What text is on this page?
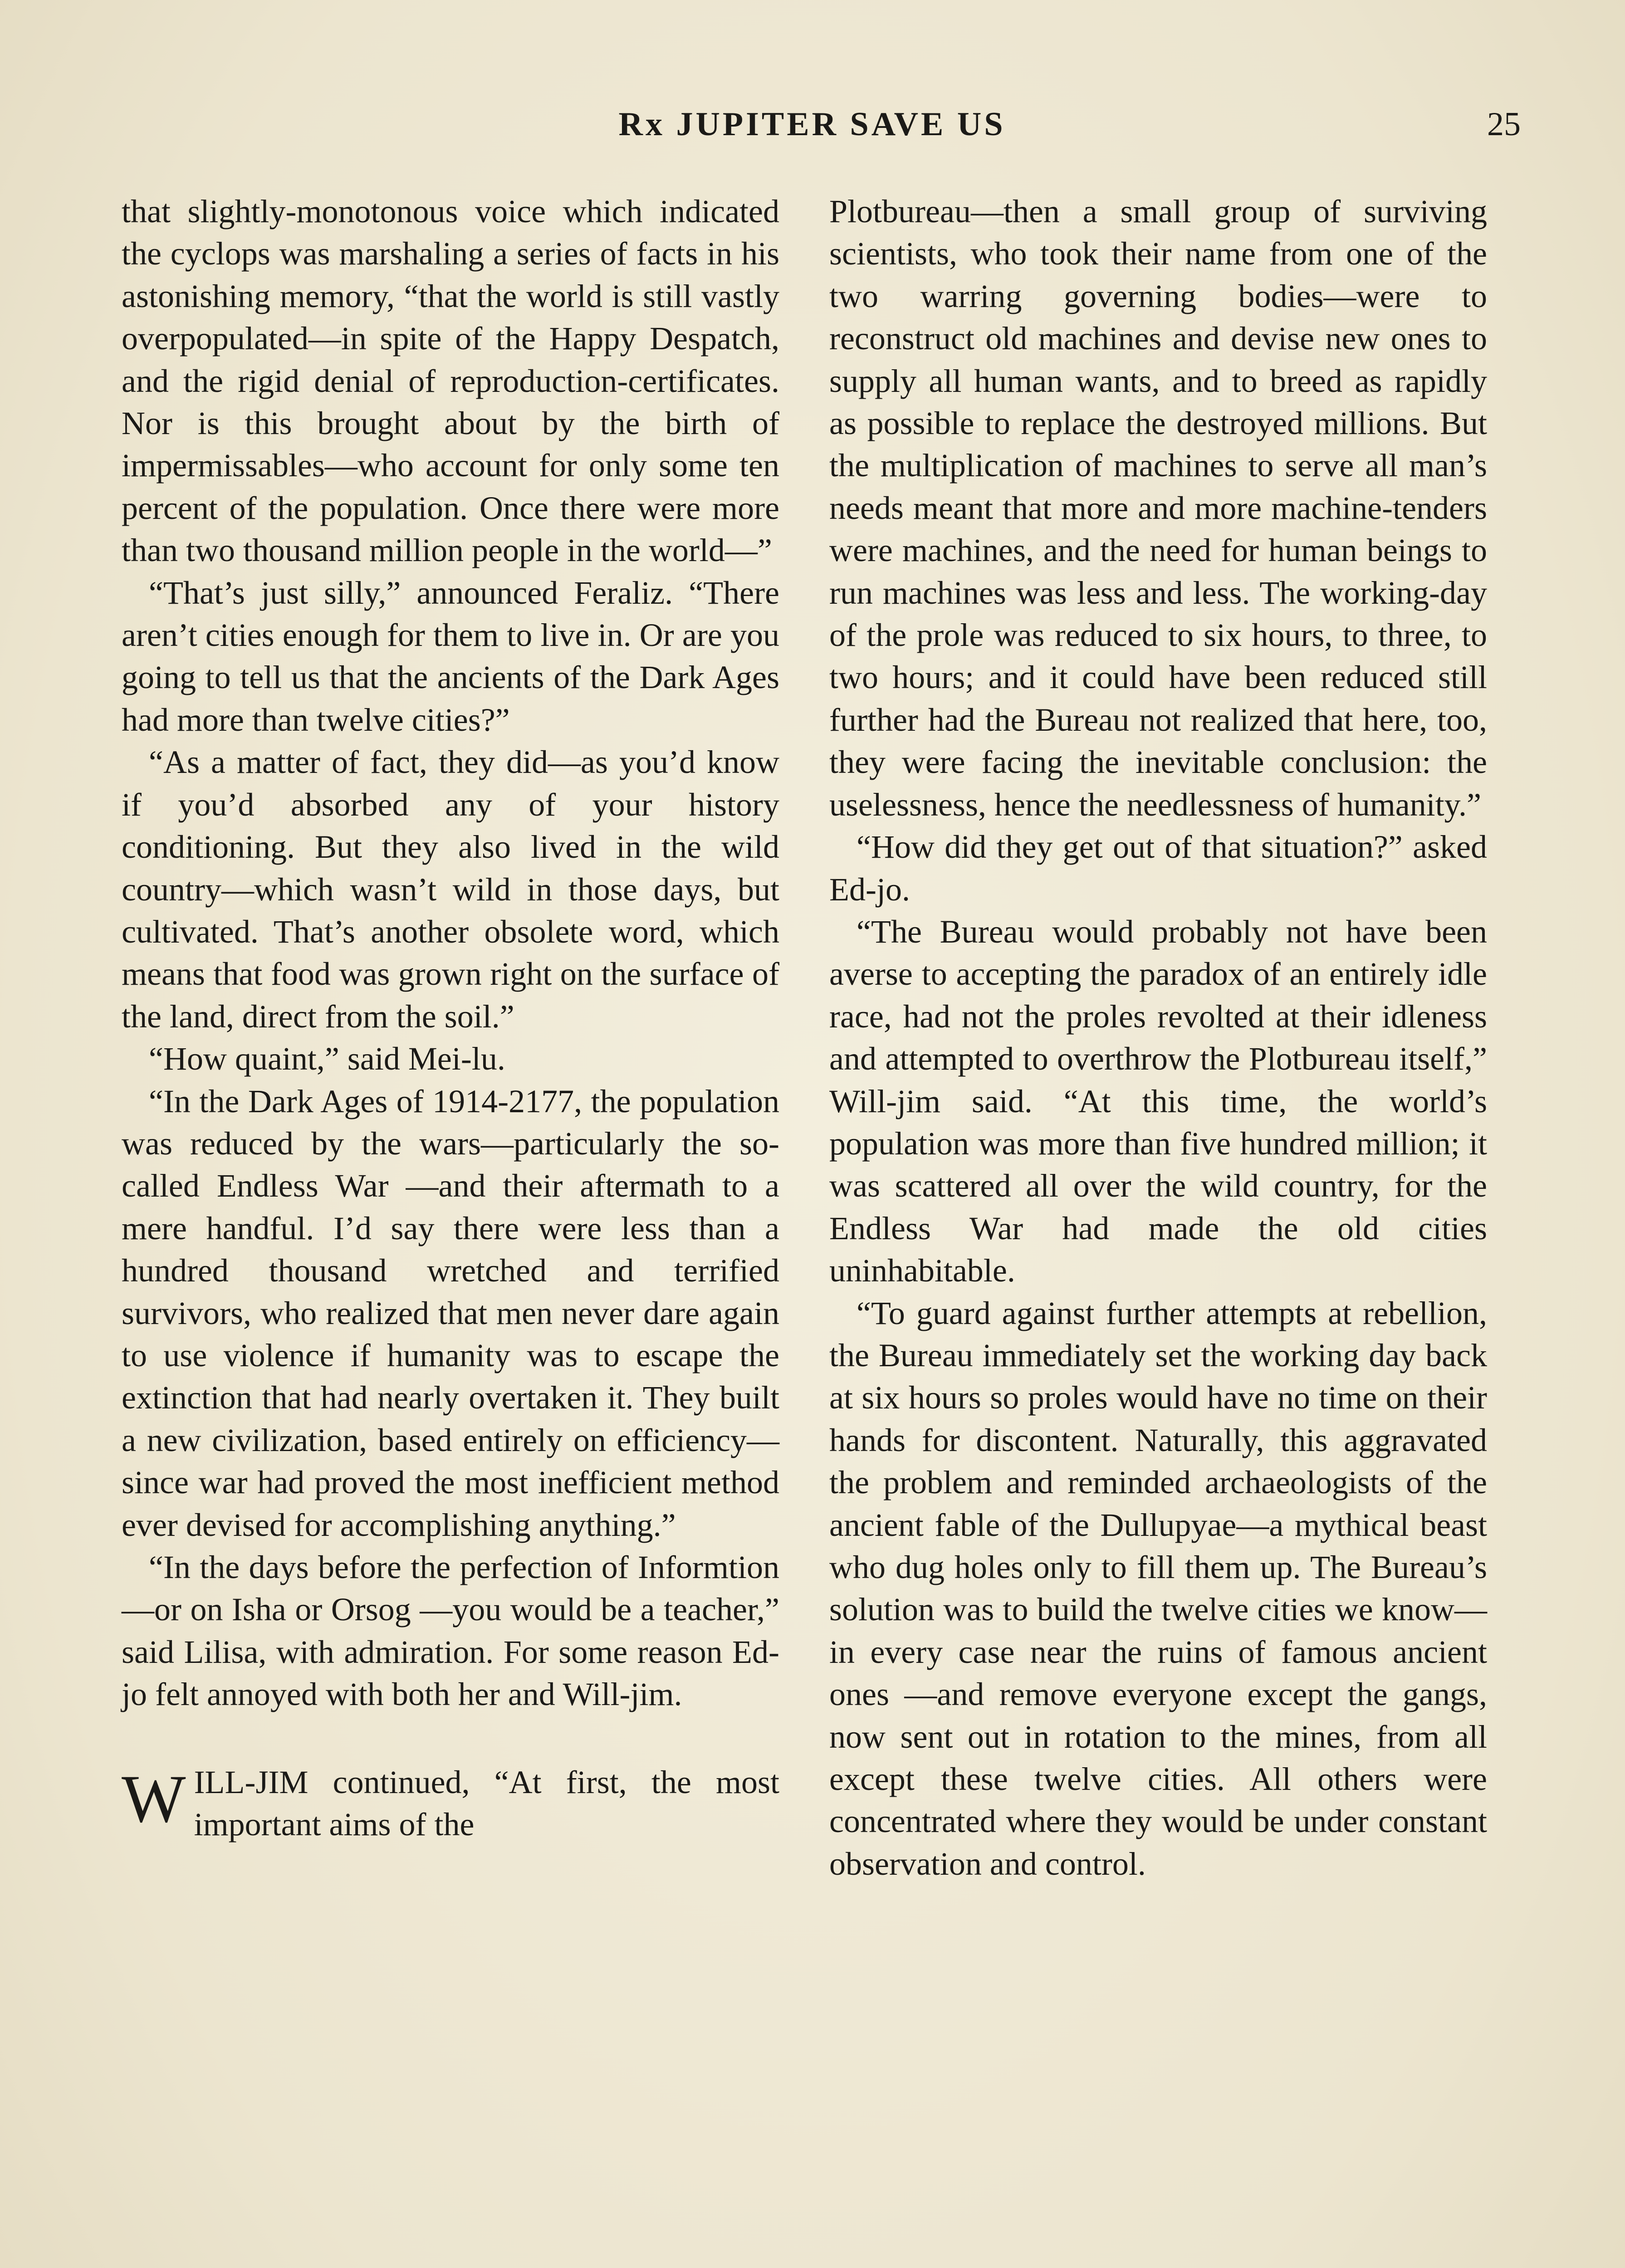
Rx JUPITER SAVE US	25

that slightly-monotonous voice which indicated the cyclops was marshaling a series of facts in his astonishing memory, “that the world is still vastly overpopulated—in spite of the Happy Despatch, and the rigid denial of reproduction-certificates. Nor is this brought about by the birth of impermissables—who account for only some ten percent of the population. Once there were more than two thousand million people in the world—”

“That’s just silly,” announced Feraliz. “There aren’t cities enough for them to live in. Or are you going to tell us that the ancients of the Dark Ages had more than twelve cities?”

“As a matter of fact, they did—as you’d know if you’d absorbed any of your history conditioning. But they also lived in the wild country—which wasn’t wild in those days, but cultivated. That’s another obsolete word, which means that food was grown right on the surface of the land, direct from the soil.”

“How quaint,” said Mei-lu.

“In the Dark Ages of 1914-2177, the population was reduced by the wars—particularly the so-called Endless War —and their aftermath to a mere handful. I’d say there were less than a hundred thousand wretched and terrified survivors, who realized that men never dare again to use violence if humanity was to escape the extinction that had nearly overtaken it. They built a new civilization, based entirely on efficiency—since war had proved the most inefficient method ever devised for accomplishing anything.”

“In the days before the perfection of Informtion—or on Isha or Orsog —you would be a teacher,” said Lilisa, with admiration. For some reason Ed-jo felt annoyed with both her and Will-jim.

W ILL-JIM continued, “At first, the most important aims of the

Plotbureau—then a small group of surviving scientists, who took their name from one of the two warring governing bodies—were to reconstruct old machines and devise new ones to supply all human wants, and to breed as rapidly as possible to replace the destroyed millions. But the multiplication of machines to serve all man’s needs meant that more and more machine-tenders were machines, and the need for human beings to run machines was less and less. The working-day of the prole was reduced to six hours, to three, to two hours; and it could have been reduced still further had the Bureau not realized that here, too, they were facing the inevitable conclusion: the uselessness, hence the needlessness of humanity.”

“How did they get out of that situation?” asked Ed-jo.

“The Bureau would probably not have been averse to accepting the paradox of an entirely idle race, had not the proles revolted at their idleness and attempted to overthrow the Plotbureau itself,” Will-jim said. “At this time, the world’s population was more than five hundred million; it was scattered all over the wild country, for the Endless War had made the old cities uninhabitable.

“To guard against further attempts at rebellion, the Bureau immediately set the working day back at six hours so proles would have no time on their hands for discontent. Naturally, this aggravated the problem and reminded archaeologists of the ancient fable of the Dullupyae—a mythical beast who dug holes only to fill them up. The Bureau’s solution was to build the twelve cities we know—in every case near the ruins of famous ancient ones —and remove everyone except the gangs, now sent out in rotation to the mines, from all except these twelve cities. All others were concentrated where they would be under constant observation and control.
